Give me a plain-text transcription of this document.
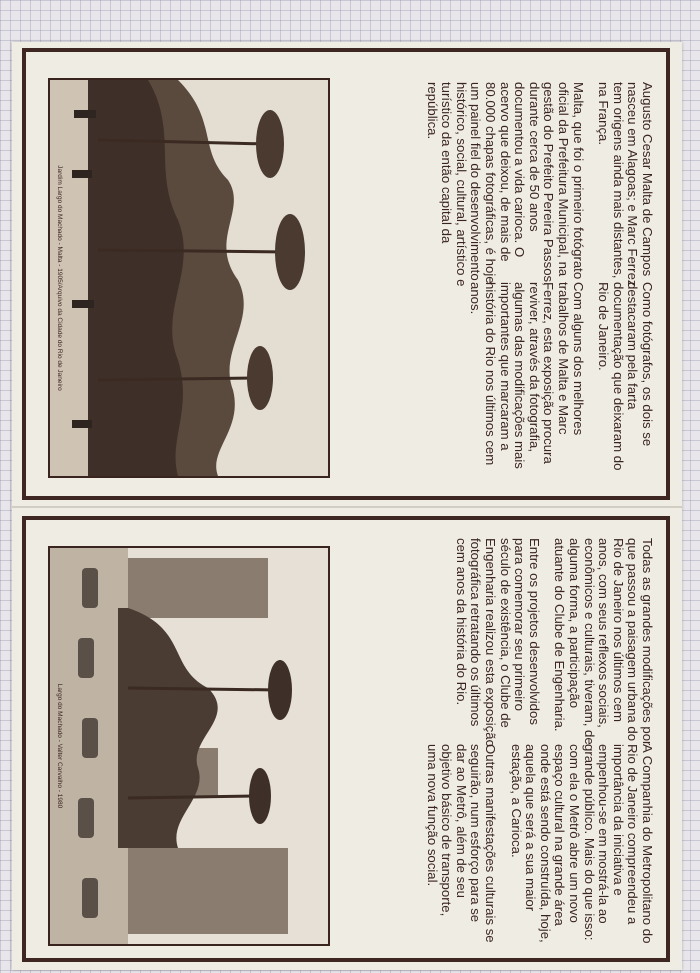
Augusto Cesar Malta de Campos nasceu em Alagoas; e Marc Ferrez tem origens ainda mais distantes, na França.

Malta, que foi o primeiro fotógrato oficial da Prefeitura Municipal, na gestão do Prefeito Pereira Passos, durante cerca de 50 anos documentou a vida carioca. O acervo que deixou, de mais de 80.000 chapas fotográficas, é hoje um painel fiel do desenvolvimento histórico, social, cultural, artístico e turístico da então capital da república.

Como fotógrafos, os dois se destacaram pela farta documentação que deixaram do Rio de Janeiro.

Com alguns dos melhores trabalhos de Malta e Marc Ferrez, esta exposição procura reviver, através da fotografia, algumas das modificações mais importantes que marcaram a história do Rio nos últimos cem anos.

Jardim Largo do Machado - Malta - 1905/Arquivo da Cidade do Rio de Janeiro

Todas as grandes modificações por que passou a paisagem urbana do Rio de Janeiro nos últimos cem anos, com seus reflexos sociais, econômicos e culturais, tiveram, de alguma forma, a participação atuante do Clube de Engenharia.

Entre os projetos desenvolvidos para comemorar seu primeiro século de existência, o Clube de Engenharia realizou esta exposição fotográfica retratando os últimos cem anos da história do Rio.

A Companhia do Metropolitano do Rio de Janeiro compreendeu a importância da iniciativa e empenhou-se em mostrá-la ao grande público. Mais do que isso: com ela o Metrô abre um novo espaço cultural na grande área onde está sendo construída, hoje, aquela que será a sua maior estação, a Carioca.

Outras manifestações culturais se seguirão, num esforço para se dar ao Metrô, além de seu objetivo básico de transporte, uma nova função social.

Largo do Machado - Valter Carvalho - 1980
